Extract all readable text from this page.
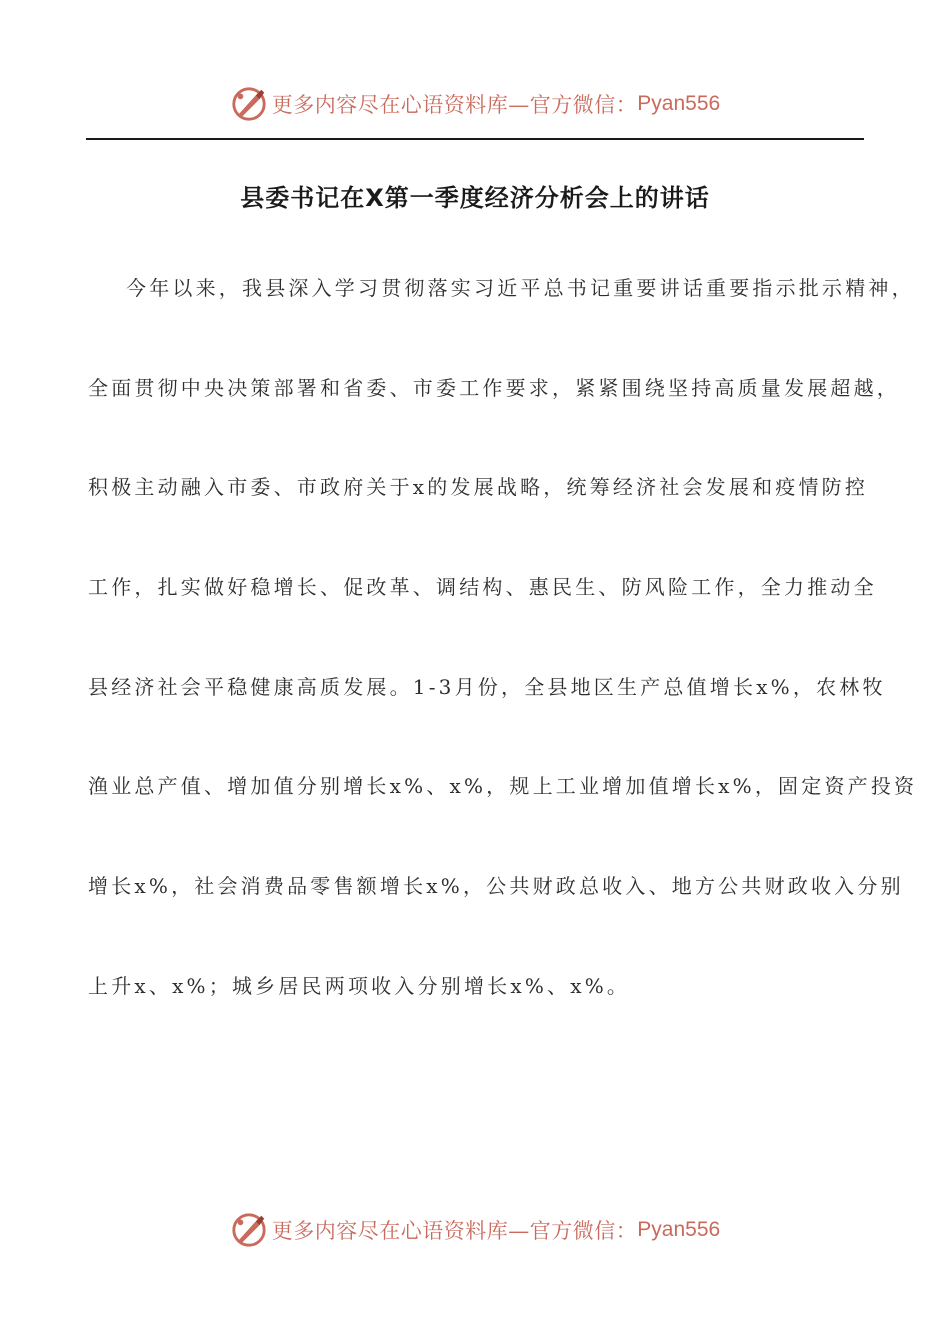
更多内容尽在心语资料库—官方微信： Pyan556
县委书记在X第一季度经济分析会上的讲话
今年以来，我县深入学习贯彻落实习近平总书记重要讲话重要指示批示精神，
全面贯彻中央决策部署和省委、市委工作要求，紧紧围绕坚持高质量发展超越，
积极主动融入市委、市政府关于x的发展战略，统筹经济社会发展和疫情防控
工作，扎实做好稳增长、促改革、调结构、惠民生、防风险工作，全力推动全
县经济社会平稳健康高质发展。1-3月份，全县地区生产总值增长x%，农林牧
渔业总产值、增加值分别增长x%、x%，规上工业增加值增长x%，固定资产投资
增长x%，社会消费品零售额增长x%，公共财政总收入、地方公共财政收入分别
上升x、x%；城乡居民两项收入分别增长x%、x%。
更多内容尽在心语资料库—官方微信： Pyan556
